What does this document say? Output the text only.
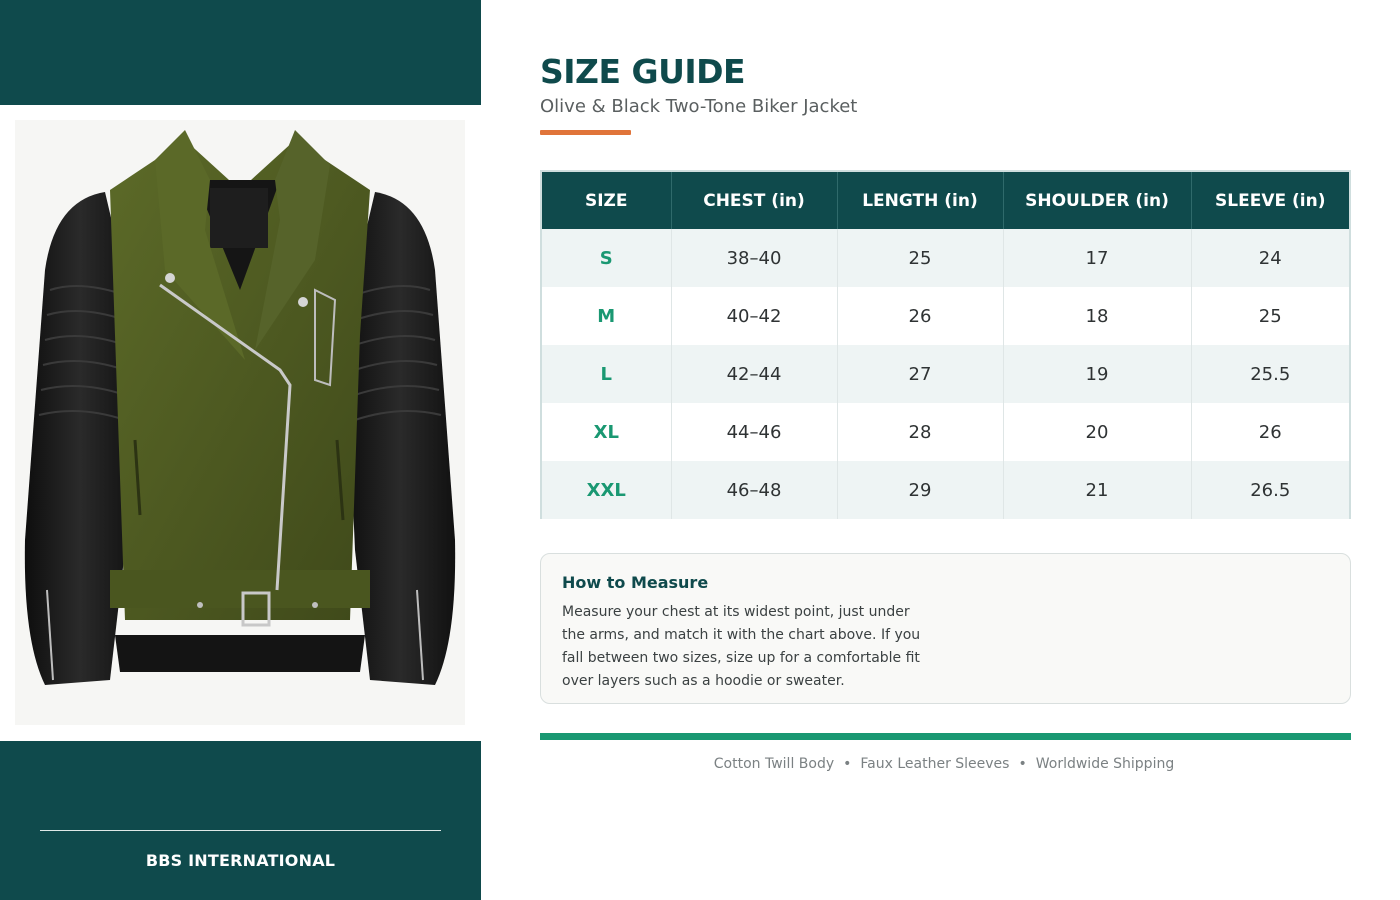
BBS INTERNATIONAL
SIZE GUIDE
Olive & Black Two-Tone Biker Jacket
SIZE	CHEST (in)	LENGTH (in)	SHOULDER (in)	SLEEVE (in)
S	38–40	25	17	24
M	40–42	26	18	25
L	42–44	27	19	25.5
XL	44–46	28	20	26
XXL	46–48	29	21	26.5
How to Measure
Measure your chest at its widest point, just under the arms, and match it with the chart above. If you fall between two sizes, size up for a comfortable fit over layers such as a hoodie or sweater.
Cotton Twill Body • Faux Leather Sleeves • Worldwide Shipping
